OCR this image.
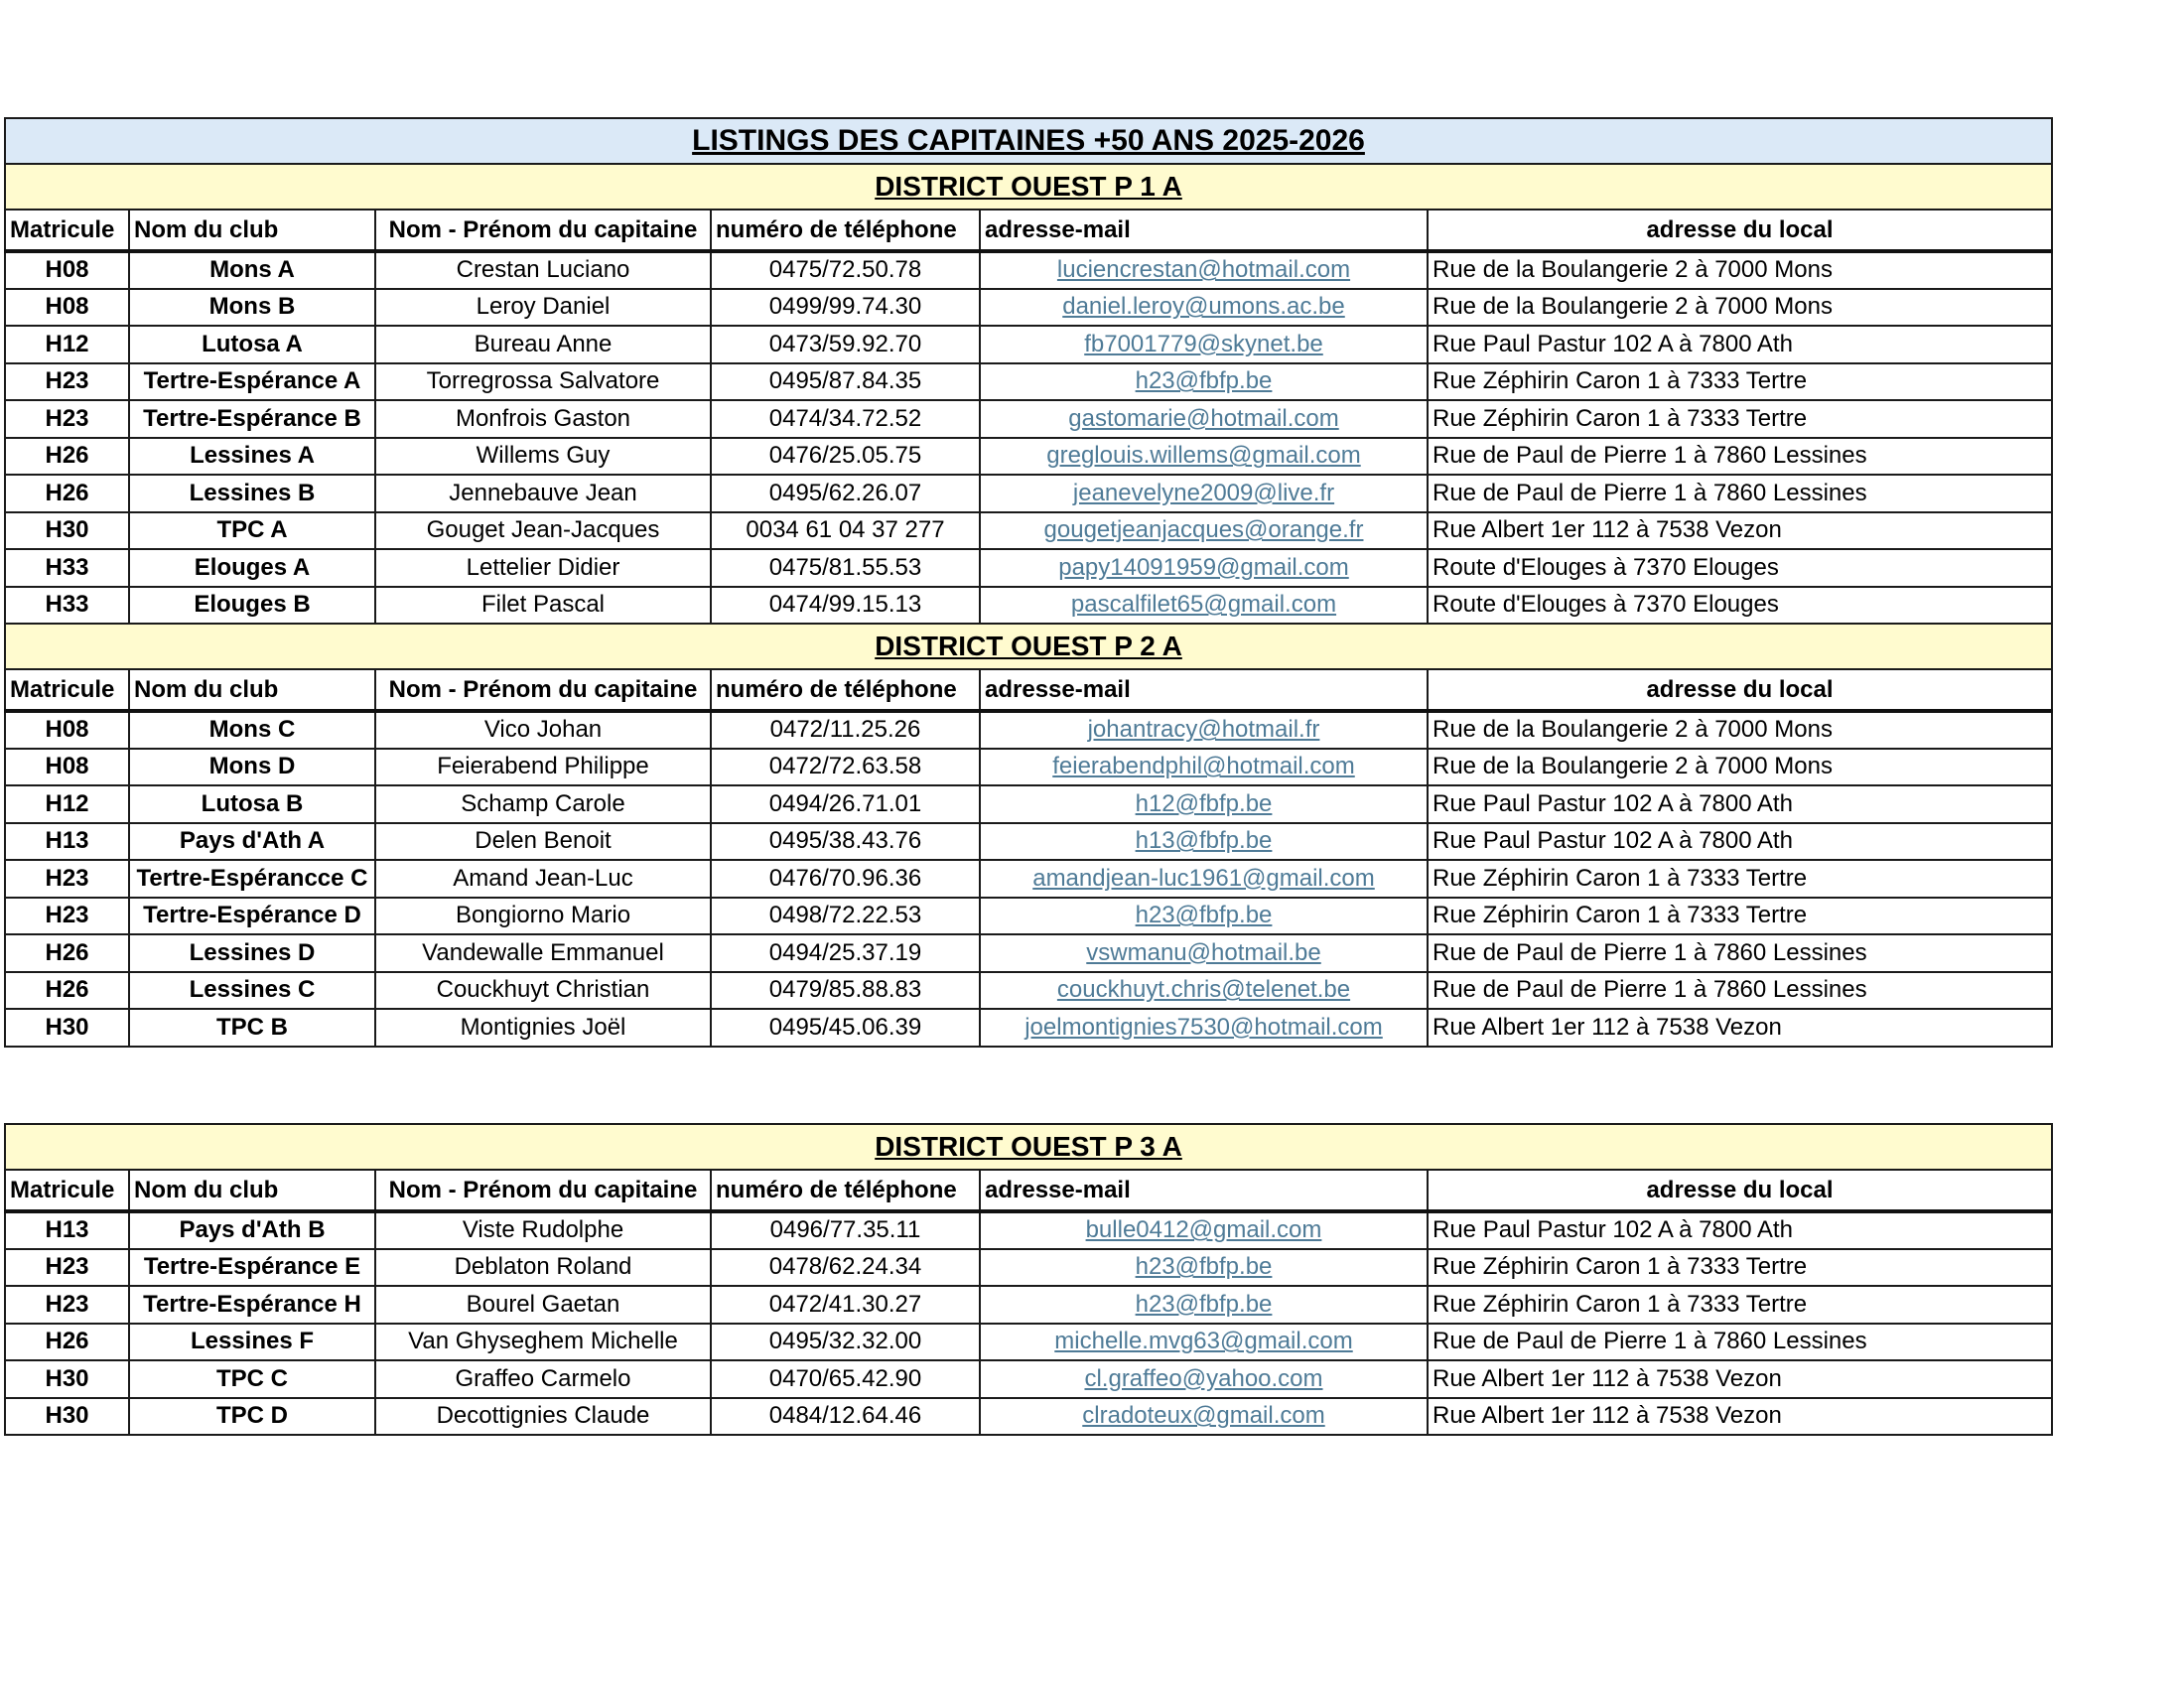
LISTINGS DES CAPITAINES +50 ANS 2025-2026					
DISTRICT OUEST P 1 A					
Matricule	Nom du club	Nom - Prénom du capitaine	numéro de téléphone	adresse-mail	adresse du local
H08	Mons A	Crestan Luciano	0475/72.50.78	luciencrestan@hotmail.com	Rue de la Boulangerie 2 à 7000 Mons
H08	Mons B	Leroy Daniel	0499/99.74.30	daniel.leroy@umons.ac.be	Rue de la Boulangerie 2 à 7000 Mons
H12	Lutosa A	Bureau Anne	0473/59.92.70	fb7001779@skynet.be	Rue Paul Pastur 102 A à 7800 Ath
H23	Tertre-Espérance A	Torregrossa Salvatore	0495/87.84.35	h23@fbfp.be	Rue Zéphirin Caron 1 à 7333 Tertre
H23	Tertre-Espérance B	Monfrois Gaston	0474/34.72.52	gastomarie@hotmail.com	Rue Zéphirin Caron 1 à 7333 Tertre
H26	Lessines A	Willems Guy	0476/25.05.75	greglouis.willems@gmail.com	Rue de Paul de Pierre 1 à 7860 Lessines
H26	Lessines B	Jennebauve Jean	0495/62.26.07	jeanevelyne2009@live.fr	Rue de Paul de Pierre 1 à 7860 Lessines
H30	TPC A	Gouget Jean-Jacques	0034 61 04 37 277	gougetjeanjacques@orange.fr	Rue Albert 1er 112 à 7538 Vezon
H33	Elouges A	Lettelier Didier	0475/81.55.53	papy14091959@gmail.com	Route d'Elouges à 7370 Elouges
H33	Elouges B	Filet Pascal	0474/99.15.13	pascalfilet65@gmail.com	Route d'Elouges à 7370 Elouges
DISTRICT OUEST P 2 A					
Matricule	Nom du club	Nom - Prénom du capitaine	numéro de téléphone	adresse-mail	adresse du local
H08	Mons C	Vico Johan	0472/11.25.26	johantracy@hotmail.fr	Rue de la Boulangerie 2 à 7000 Mons
H08	Mons D	Feierabend Philippe	0472/72.63.58	feierabendphil@hotmail.com	Rue de la Boulangerie 2 à 7000 Mons
H12	Lutosa B	Schamp Carole	0494/26.71.01	h12@fbfp.be	Rue Paul Pastur 102 A à 7800 Ath
H13	Pays d'Ath A	Delen Benoit	0495/38.43.76	h13@fbfp.be	Rue Paul Pastur 102 A à 7800 Ath
H23	Tertre-Espérancce C	Amand Jean-Luc	0476/70.96.36	amandjean-luc1961@gmail.com	Rue Zéphirin Caron 1 à 7333 Tertre
H23	Tertre-Espérance D	Bongiorno Mario	0498/72.22.53	h23@fbfp.be	Rue Zéphirin Caron 1 à 7333 Tertre
H26	Lessines D	Vandewalle Emmanuel	0494/25.37.19	vswmanu@hotmail.be	Rue de Paul de Pierre 1 à 7860 Lessines
H26	Lessines C	Couckhuyt Christian	0479/85.88.83	couckhuyt.chris@telenet.be	Rue de Paul de Pierre 1 à 7860 Lessines
H30	TPC B	Montignies Joël	0495/45.06.39	joelmontignies7530@hotmail.com	Rue Albert 1er 112 à 7538 Vezon
DISTRICT OUEST P 3 A					
Matricule	Nom du club	Nom - Prénom du capitaine	numéro de téléphone	adresse-mail	adresse du local
H13	Pays d'Ath B	Viste Rudolphe	0496/77.35.11	bulle0412@gmail.com	Rue Paul Pastur 102 A à 7800 Ath
H23	Tertre-Espérance E	Deblaton Roland	0478/62.24.34	h23@fbfp.be	Rue Zéphirin Caron 1 à 7333 Tertre
H23	Tertre-Espérance H	Bourel Gaetan	0472/41.30.27	h23@fbfp.be	Rue Zéphirin Caron 1 à 7333 Tertre
H26	Lessines F	Van Ghyseghem Michelle	0495/32.32.00	michelle.mvg63@gmail.com	Rue de Paul de Pierre 1 à 7860 Lessines
H30	TPC C	Graffeo Carmelo	0470/65.42.90	cl.graffeo@yahoo.com	Rue Albert 1er 112 à 7538 Vezon
H30	TPC D	Decottignies Claude	0484/12.64.46	clradoteux@gmail.com	Rue Albert 1er 112 à 7538 Vezon
